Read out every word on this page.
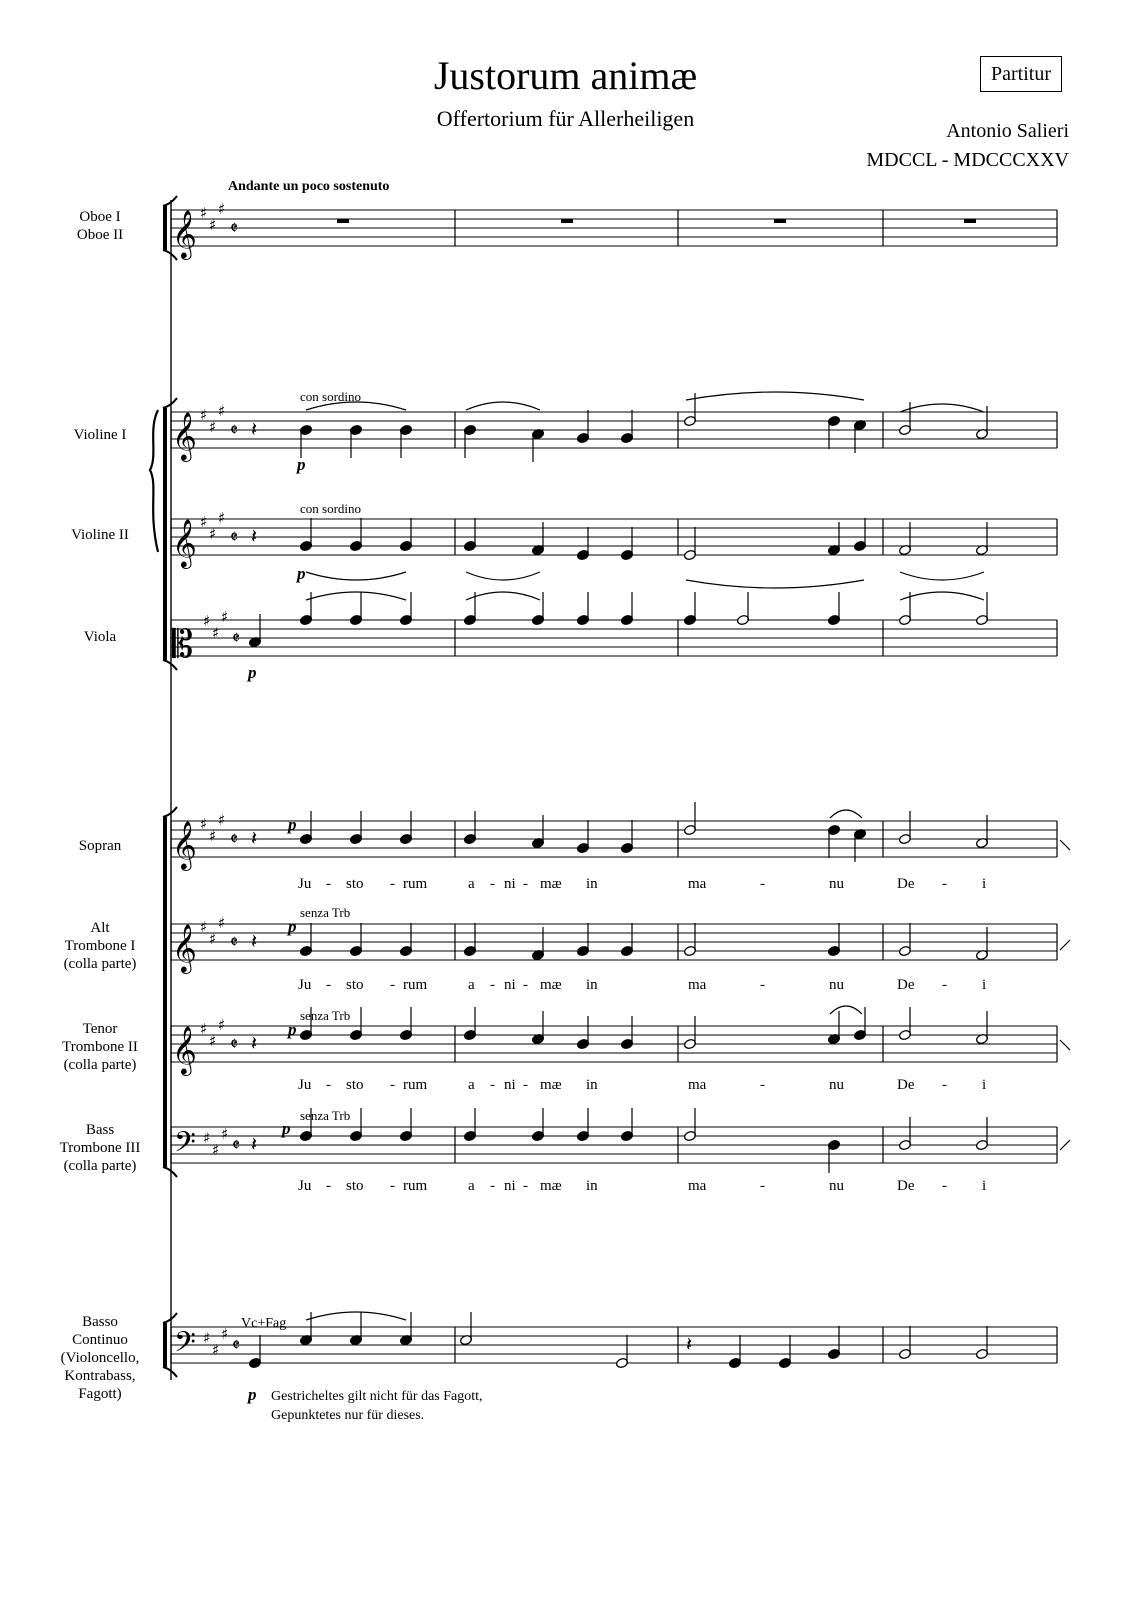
Justorum animæ
Offertorium für Allerheiligen
Partitur
Antonio Salieri
MDCCL - MDCCCXXV
Andante un poco sostenuto
Oboe I
Oboe II
Violine I
Violine II
Viola
Sopran
Alt
Trombone I
(colla parte)
Tenor
Trombone II
(colla parte)
Bass
Trombone III
(colla parte)
Basso
Continuo
(Violoncello,
Kontrabass,
Fagott)
con sordino
con sordino
senza Trb
senza Trb
senza Trb
Vc+Fag
p
p
p
p
p
p
p
p
Ju - sto - rum	a - ni - mæ in	ma	-	nu	De - i
Ju - sto - rum	a - ni - mæ in	ma	-	nu	De - i
Ju - sto - rum	a - ni - mæ in	ma	-	nu	De - i
Ju - sto - rum	a - ni - mæ in	ma	-	nu	De - i
Gestricheltes gilt nicht für das Fagott,
Gepunktetes nur für dieses.
𝄞 ♯
♯
♯
𝄵
𝄞 ♯
♯
♯
𝄵
𝄞 ♯
♯
♯
𝄵
𝄞 ♯
♯
♯
𝄵
𝄞 ♯
♯
♯
𝄵
𝄞 ♯
♯
♯
𝄵
𝄡
♯
♯
♯
𝄵
𝄢 ♯
♯
♯
𝄵
𝄢 ♯
♯
♯
𝄵
𝄽
𝄽
𝄽
𝄽
𝄽
𝄽
𝄽
